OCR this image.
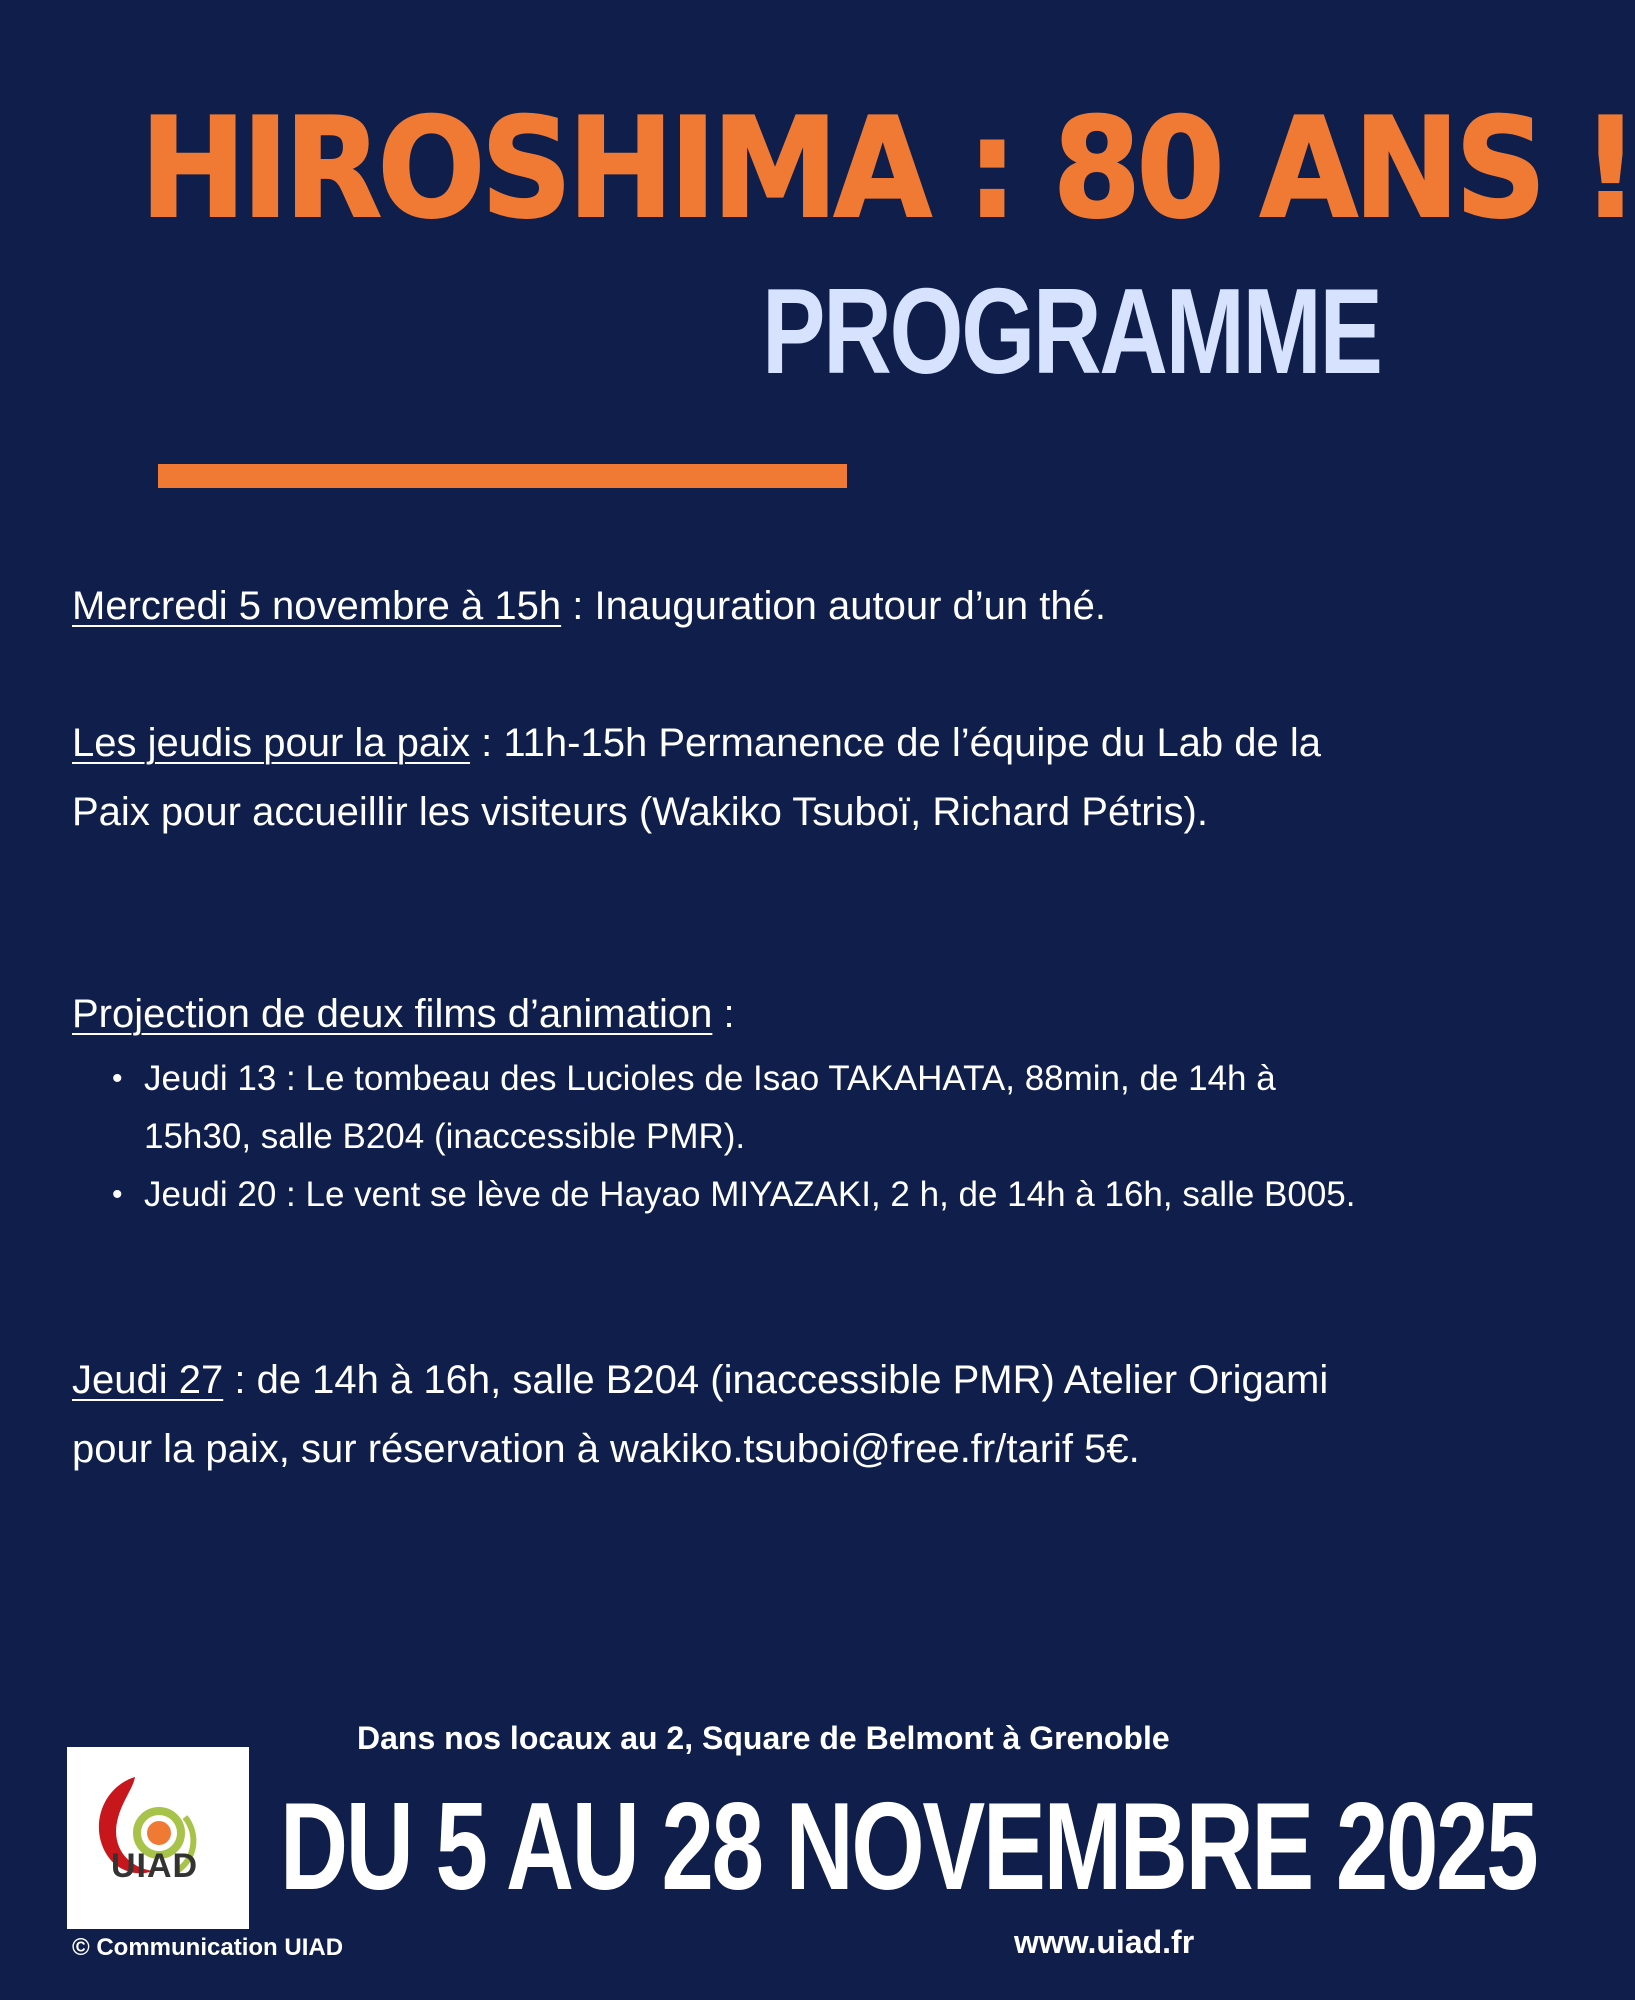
HIROSHIMA : 80 ANS !
PROGRAMME
Mercredi 5 novembre à 15h : Inauguration autour d’un thé.
Les jeudis pour la paix : 11h-15h Permanence de l’équipe du Lab de la Paix pour accueillir les visiteurs (Wakiko Tsuboï, Richard Pétris).
Projection de deux films d’animation :
• Jeudi 13 : Le tombeau des Lucioles de Isao TAKAHATA, 88min, de 14h à 15h30, salle B204 (inaccessible PMR).
• Jeudi 20 : Le vent se lève de Hayao MIYAZAKI, 2 h, de 14h à 16h, salle B005.
Jeudi 27 : de 14h à 16h, salle B204 (inaccessible PMR) Atelier Origami pour la paix, sur réservation à wakiko.tsuboi@free.fr/tarif 5€.
Dans nos locaux au 2, Square de Belmont à Grenoble
UIAD DU 5 AU 28 NOVEMBRE 2025
© Communication UIAD	www.uiad.fr
